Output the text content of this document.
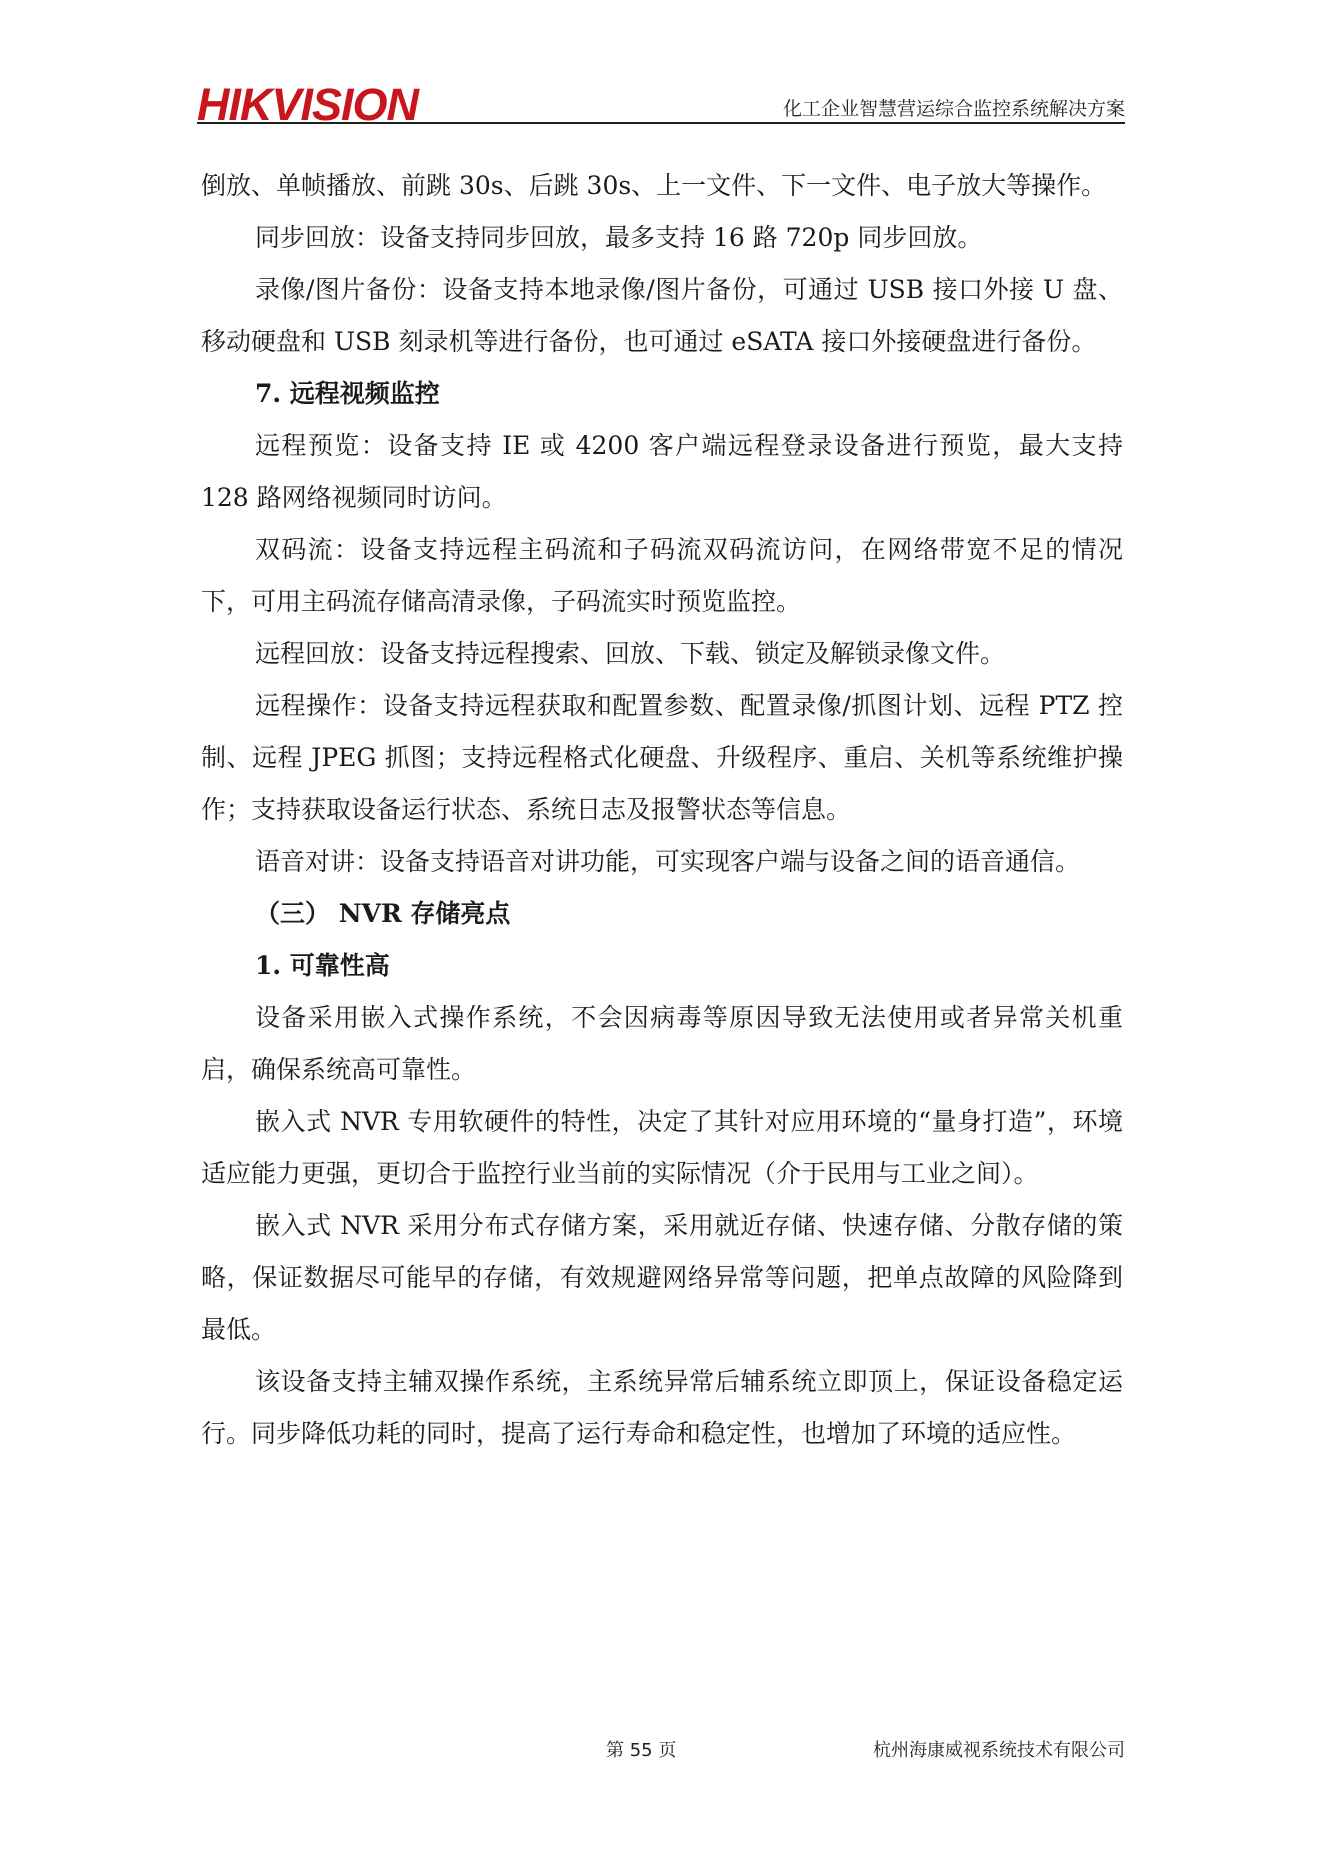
HIKVISION	化工企业智慧营运综合监控系统解决方案

倒放、单帧播放、前跳 30s、后跳 30s、上一文件、下一文件、电子放大等操作。

同步回放：设备支持同步回放，最多支持 16 路 720p 同步回放。

录像/图片备份：设备支持本地录像/图片备份，可通过 USB 接口外接 U 盘、移动硬盘和 USB 刻录机等进行备份，也可通过 eSATA 接口外接硬盘进行备份。

7. 远程视频监控

远程预览：设备支持 IE 或 4200 客户端远程登录设备进行预览，最大支持 128 路网络视频同时访问。

双码流：设备支持远程主码流和子码流双码流访问，在网络带宽不足的情况下，可用主码流存储高清录像，子码流实时预览监控。

远程回放：设备支持远程搜索、回放、下载、锁定及解锁录像文件。

远程操作：设备支持远程获取和配置参数、配置录像/抓图计划、远程 PTZ 控制、远程 JPEG 抓图；支持远程格式化硬盘、升级程序、重启、关机等系统维护操作；支持获取设备运行状态、系统日志及报警状态等信息。

语音对讲：设备支持语音对讲功能，可实现客户端与设备之间的语音通信。

（三） NVR 存储亮点

1. 可靠性高

设备采用嵌入式操作系统，不会因病毒等原因导致无法使用或者异常关机重启，确保系统高可靠性。

嵌入式 NVR 专用软硬件的特性，决定了其针对应用环境的“量身打造”，环境适应能力更强，更切合于监控行业当前的实际情况（介于民用与工业之间）。

嵌入式 NVR 采用分布式存储方案，采用就近存储、快速存储、分散存储的策略，保证数据尽可能早的存储，有效规避网络异常等问题，把单点故障的风险降到最低。

该设备支持主辅双操作系统，主系统异常后辅系统立即顶上，保证设备稳定运行。同步降低功耗的同时，提高了运行寿命和稳定性，也增加了环境的适应性。

第 55 页	杭州海康威视系统技术有限公司
